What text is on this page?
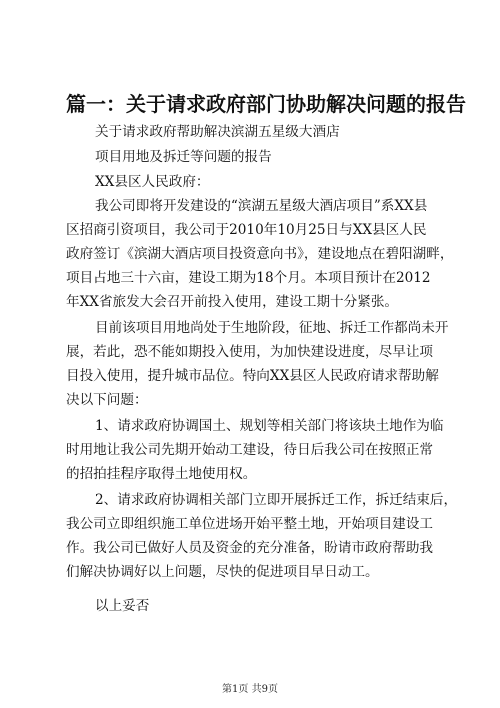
篇一：关于请求政府部门协助解决问题的报告
关于请求政府帮助解决滨湖五星级大酒店
项目用地及拆迁等问题的报告
XX县区人民政府：
我公司即将开发建设的“滨湖五星级大酒店项目”系XX县
区招商引资项目，我公司于2010年10月25日与XX县区人民
政府签订《滨湖大酒店项目投资意向书》，建设地点在碧阳湖畔，
项目占地三十六亩，建设工期为18个月。本项目预计在2012
年XX省旅发大会召开前投入使用，建设工期十分紧张。
目前该项目用地尚处于生地阶段，征地、拆迁工作都尚未开
展，若此，恐不能如期投入使用，为加快建设进度，尽早让项
目投入使用，提升城市品位。特向XX县区人民政府请求帮助解
决以下问题：
1、请求政府协调国土、规划等相关部门将该块土地作为临
时用地让我公司先期开始动工建设，待日后我公司在按照正常
的招拍挂程序取得土地使用权。
2、请求政府协调相关部门立即开展拆迁工作，拆迁结束后，
我公司立即组织施工单位进场开始平整土地，开始项目建设工
作。我公司已做好人员及资金的充分准备，盼请市政府帮助我
们解决协调好以上问题，尽快的促进项目早日动工。
以上妥否
第1页 共9页
